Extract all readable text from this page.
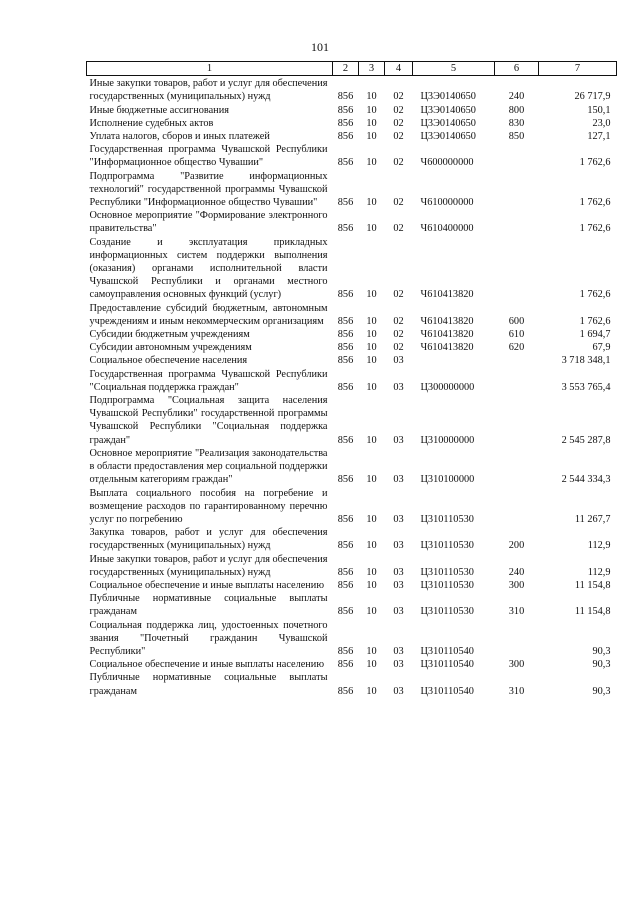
101
1	2	3	4	5	6	7
Иные закупки товаров, работ и услуг для обеспечения государственных (муниципальных) нужд	856	10	02	Ц3Э0140650	240	26 717,9
Иные бюджетные ассигнования	856	10	02	Ц3Э0140650	800	150,1
Исполнение судебных актов	856	10	02	Ц3Э0140650	830	23,0
Уплата налогов, сборов и иных платежей	856	10	02	Ц3Э0140650	850	127,1
Государственная программа Чувашской Республики "Информационное общество Чувашии"	856	10	02	Ч600000000		1 762,6
Подпрограмма "Развитие информационных технологий" государственной программы Чувашской Республики "Информационное общество Чувашии"	856	10	02	Ч610000000		1 762,6
Основное мероприятие "Формирование электронного правительства"	856	10	02	Ч610400000		1 762,6
Создание и эксплуатация прикладных информационных систем поддержки выполнения (оказания) органами исполнительной власти Чувашской Республики и органами местного самоуправления основных функций (услуг)	856	10	02	Ч610413820		1 762,6
Предоставление субсидий бюджетным, автономным учреждениям и иным некоммерческим организациям	856	10	02	Ч610413820	600	1 762,6
Субсидии бюджетным учреждениям	856	10	02	Ч610413820	610	1 694,7
Субсидии автономным учреждениям	856	10	02	Ч610413820	620	67,9
Социальное обеспечение населения	856	10	03			3 718 348,1
Государственная программа Чувашской Республики "Социальная поддержка граждан"	856	10	03	Ц300000000		3 553 765,4
Подпрограмма "Социальная защита населения Чувашской Республики" государственной программы Чувашской Республики "Социальная поддержка граждан"	856	10	03	Ц310000000		2 545 287,8
Основное мероприятие "Реализация законодательства в области предоставления мер социальной поддержки отдельным категориям граждан"	856	10	03	Ц310100000		2 544 334,3
Выплата социального пособия на погребение и возмещение расходов по гарантированному перечню услуг по погребению	856	10	03	Ц310110530		11 267,7
Закупка товаров, работ и услуг для обеспечения государственных (муниципальных) нужд	856	10	03	Ц310110530	200	112,9
Иные закупки товаров, работ и услуг для обеспечения государственных (муниципальных) нужд	856	10	03	Ц310110530	240	112,9
Социальное обеспечение и иные выплаты населению	856	10	03	Ц310110530	300	11 154,8
Публичные нормативные социальные выплаты гражданам	856	10	03	Ц310110530	310	11 154,8
Социальная поддержка лиц, удостоенных почетного звания "Почетный гражданин Чувашской Республики"	856	10	03	Ц310110540		90,3
Социальное обеспечение и иные выплаты населению	856	10	03	Ц310110540	300	90,3
Публичные нормативные социальные выплаты гражданам	856	10	03	Ц310110540	310	90,3
